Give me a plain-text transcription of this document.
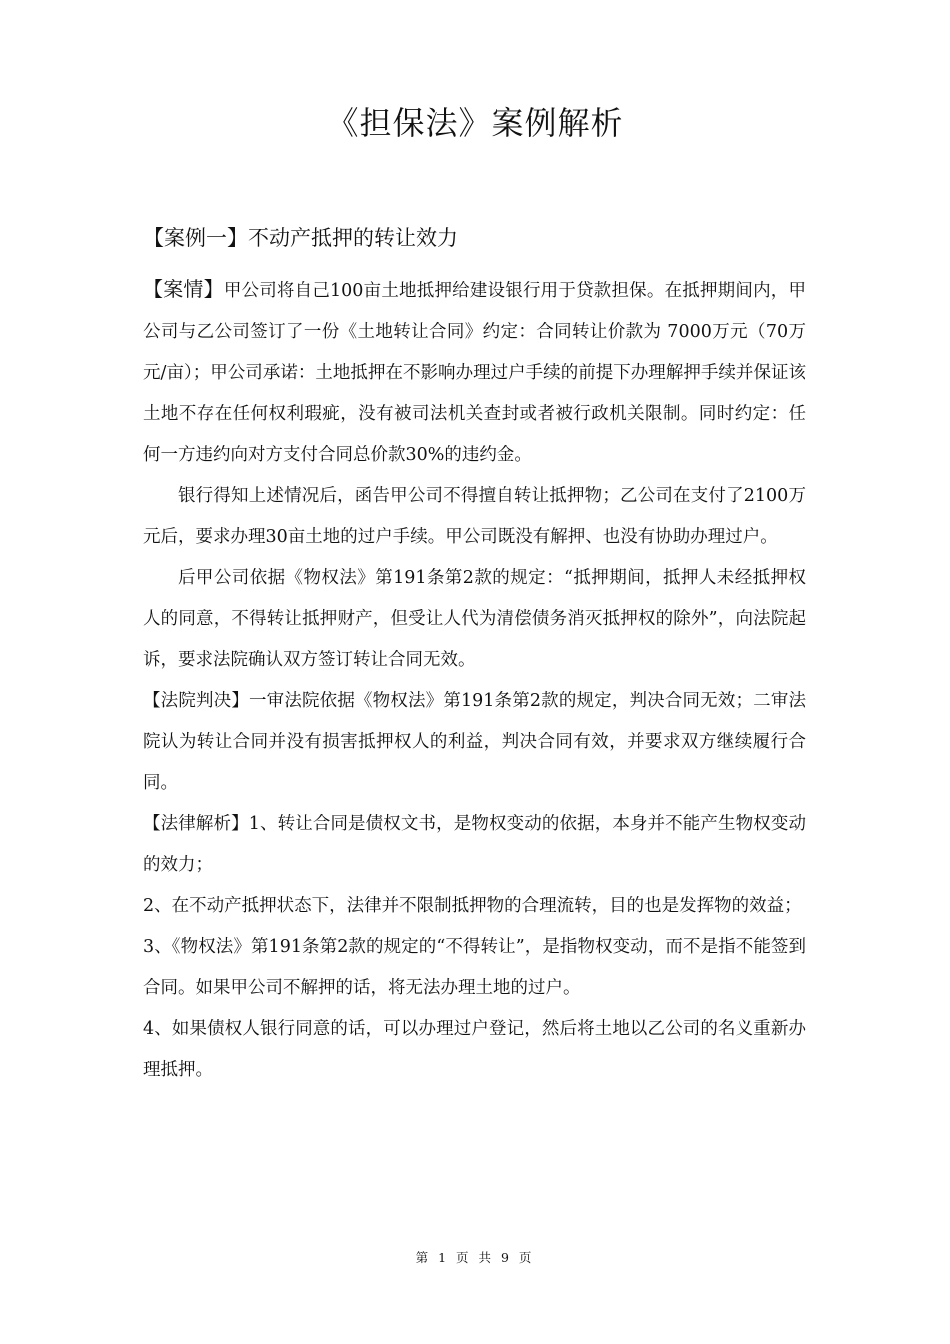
《担保法》案例解析
【案例一】不动产抵押的转让效力

【案情】甲公司将自己100亩土地抵押给建设银行用于贷款担保。在抵押期间内，甲公司与乙公司签订了一份《土地转让合同》约定：合同转让价款为 7000万元（70万元/亩）；甲公司承诺：土地抵押在不影响办理过户手续的前提下办理解押手续并保证该土地不存在任何权利瑕疵，没有被司法机关查封或者被行政机关限制。同时约定：任何一方违约向对方支付合同总价款30%的违约金。

银行得知上述情况后，函告甲公司不得擅自转让抵押物；乙公司在支付了2100万元后，要求办理30亩土地的过户手续。甲公司既没有解押、也没有协助办理过户。

后甲公司依据《物权法》第191条第2款的规定：“抵押期间，抵押人未经抵押权人的同意，不得转让抵押财产，但受让人代为清偿债务消灭抵押权的除外”，向法院起诉，要求法院确认双方签订转让合同无效。

【法院判决】一审法院依据《物权法》第191条第2款的规定，判决合同无效；二审法院认为转让合同并没有损害抵押权人的利益，判决合同有效，并要求双方继续履行合同。

【法律解析】1、转让合同是债权文书，是物权变动的依据，本身并不能产生物权变动的效力；

2、在不动产抵押状态下，法律并不限制抵押物的合理流转，目的也是发挥物的效益；

3、《物权法》第191条第2款的规定的“不得转让”，是指物权变动，而不是指不能签到合同。如果甲公司不解押的话，将无法办理土地的过户。

4、如果债权人银行同意的话，可以办理过户登记，然后将土地以乙公司的名义重新办理抵押。

第 1 页 共 9 页
